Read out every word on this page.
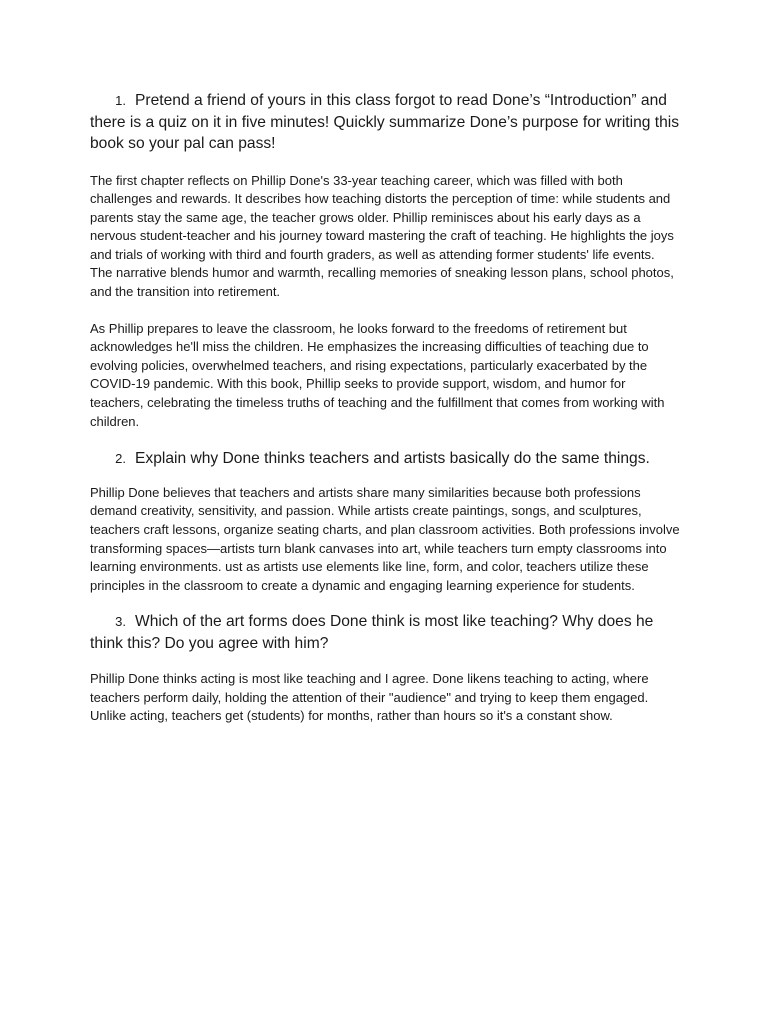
1. Pretend a friend of yours in this class forgot to read Done’s “Introduction” and there is a quiz on it in five minutes! Quickly summarize Done’s purpose for writing this book so your pal can pass!

The first chapter reflects on Phillip Done's 33-year teaching career, which was filled with both challenges and rewards. It describes how teaching distorts the perception of time: while students and parents stay the same age, the teacher grows older. Phillip reminisces about his early days as a nervous student-teacher and his journey toward mastering the craft of teaching. He highlights the joys and trials of working with third and fourth graders, as well as attending former students' life events. The narrative blends humor and warmth, recalling memories of sneaking lesson plans, school photos, and the transition into retirement.

As Phillip prepares to leave the classroom, he looks forward to the freedoms of retirement but acknowledges he'll miss the children. He emphasizes the increasing difficulties of teaching due to evolving policies, overwhelmed teachers, and rising expectations, particularly exacerbated by the COVID-19 pandemic. With this book, Phillip seeks to provide support, wisdom, and humor for teachers, celebrating the timeless truths of teaching and the fulfillment that comes from working with children.

2. Explain why Done thinks teachers and artists basically do the same things.

Phillip Done believes that teachers and artists share many similarities because both professions demand creativity, sensitivity, and passion. While artists create paintings, songs, and sculptures, teachers craft lessons, organize seating charts, and plan classroom activities. Both professions involve transforming spaces—artists turn blank canvases into art, while teachers turn empty classrooms into learning environments. ust as artists use elements like line, form, and color, teachers utilize these principles in the classroom to create a dynamic and engaging learning experience for students.

3. Which of the art forms does Done think is most like teaching? Why does he think this? Do you agree with him?

Phillip Done thinks acting is most like teaching and I agree. Done likens teaching to acting, where teachers perform daily, holding the attention of their "audience" and trying to keep them engaged. Unlike acting, teachers get (students) for months, rather than hours so it's a constant show.
